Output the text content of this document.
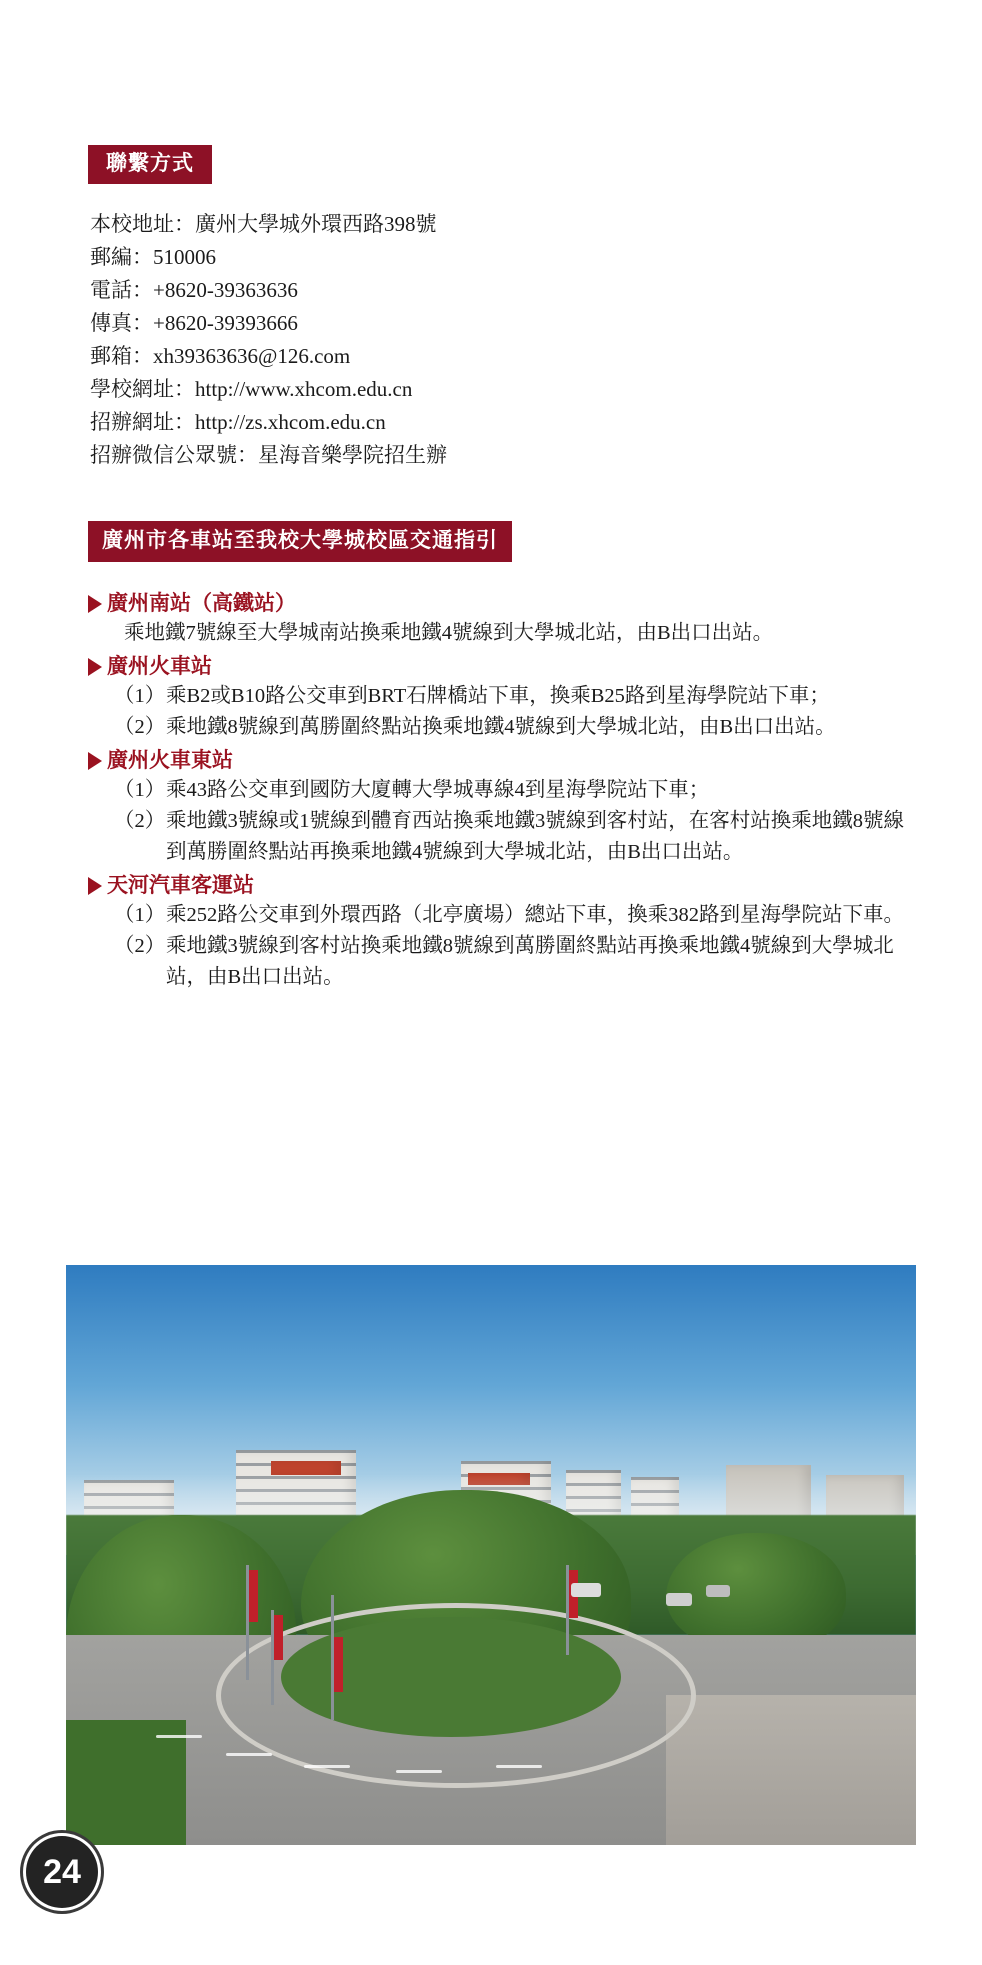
聯繫方式
本校地址：廣州大學城外環西路398號
郵編：510006
電話：+8620-39363636
傳真：+8620-39393666
郵箱：xh39363636@126.com
學校網址：http://www.xhcom.edu.cn
招辦網址：http://zs.xhcom.edu.cn
招辦微信公眾號：星海音樂學院招生辦
廣州市各車站至我校大學城校區交通指引
廣州南站（高鐵站）
乘地鐵7號線至大學城南站換乘地鐵4號線到大學城北站，由B出口出站。
廣州火車站
（1） 乘B2或B10路公交車到BRT石牌橋站下車，換乘B25路到星海學院站下車；
（2） 乘地鐵8號線到萬勝圍終點站換乘地鐵4號線到大學城北站，由B出口出站。
廣州火車東站
（1） 乘43路公交車到國防大廈轉大學城專線4到星海學院站下車；
（2） 乘地鐵3號線或1號線到體育西站換乘地鐵3號線到客村站，在客村站換乘地鐵8號線到萬勝圍終點站再換乘地鐵4號線到大學城北站，由B出口出站。
天河汽車客運站
（1） 乘252路公交車到外環西路（北亭廣場）總站下車，換乘382路到星海學院站下車。
（2） 乘地鐵3號線到客村站換乘地鐵8號線到萬勝圍終點站再換乘地鐵4號線到大學城北站，由B出口出站。
24
